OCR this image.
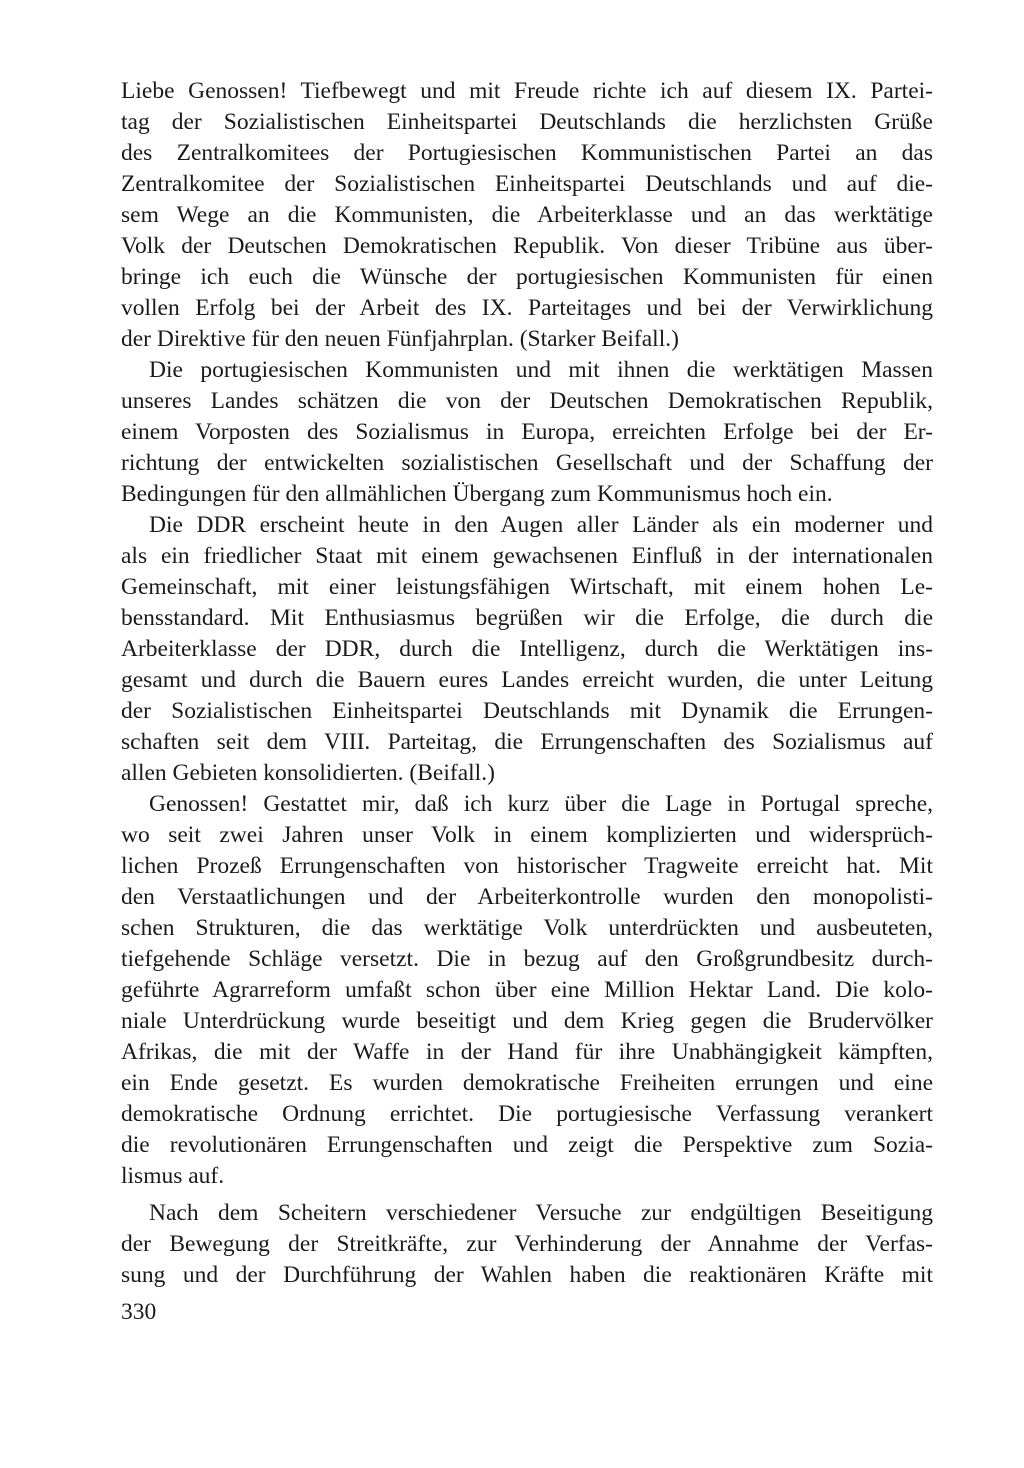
Liebe Genossen! Tiefbewegt und mit Freude richte ich auf diesem IX. Partei-
tag der Sozialistischen Einheitspartei Deutschlands die herzlichsten Grüße
des Zentralkomitees der Portugiesischen Kommunistischen Partei an das
Zentralkomitee der Sozialistischen Einheitspartei Deutschlands und auf die-
sem Wege an die Kommunisten, die Arbeiterklasse und an das werktätige
Volk der Deutschen Demokratischen Republik. Von dieser Tribüne aus über-
bringe ich euch die Wünsche der portugiesischen Kommunisten für einen
vollen Erfolg bei der Arbeit des IX. Parteitages und bei der Verwirklichung
der Direktive für den neuen Fünfjahrplan. (Starker Beifall.)
Die portugiesischen Kommunisten und mit ihnen die werktätigen Massen
unseres Landes schätzen die von der Deutschen Demokratischen Republik,
einem Vorposten des Sozialismus in Europa, erreichten Erfolge bei der Er-
richtung der entwickelten sozialistischen Gesellschaft und der Schaffung der
Bedingungen für den allmählichen Übergang zum Kommunismus hoch ein.
Die DDR erscheint heute in den Augen aller Länder als ein moderner und
als ein friedlicher Staat mit einem gewachsenen Einfluß in der internationalen
Gemeinschaft, mit einer leistungsfähigen Wirtschaft, mit einem hohen Le-
bensstandard. Mit Enthusiasmus begrüßen wir die Erfolge, die durch die
Arbeiterklasse der DDR, durch die Intelligenz, durch die Werktätigen ins-
gesamt und durch die Bauern eures Landes erreicht wurden, die unter Leitung
der Sozialistischen Einheitspartei Deutschlands mit Dynamik die Errungen-
schaften seit dem VIII. Parteitag, die Errungenschaften des Sozialismus auf
allen Gebieten konsolidierten. (Beifall.)
Genossen! Gestattet mir, daß ich kurz über die Lage in Portugal spreche,
wo seit zwei Jahren unser Volk in einem komplizierten und widersprüch-
lichen Prozeß Errungenschaften von historischer Tragweite erreicht hat. Mit
den Verstaatlichungen und der Arbeiterkontrolle wurden den monopolisti-
schen Strukturen, die das werktätige Volk unterdrückten und ausbeuteten,
tiefgehende Schläge versetzt. Die in bezug auf den Großgrundbesitz durch-
geführte Agrarreform umfaßt schon über eine Million Hektar Land. Die kolo-
niale Unterdrückung wurde beseitigt und dem Krieg gegen die Brudervölker
Afrikas, die mit der Waffe in der Hand für ihre Unabhängigkeit kämpften,
ein Ende gesetzt. Es wurden demokratische Freiheiten errungen und eine
demokratische Ordnung errichtet. Die portugiesische Verfassung verankert
die revolutionären Errungenschaften und zeigt die Perspektive zum Sozia-
lismus auf.
Nach dem Scheitern verschiedener Versuche zur endgültigen Beseitigung
der Bewegung der Streitkräfte, zur Verhinderung der Annahme der Verfas-
sung und der Durchführung der Wahlen haben die reaktionären Kräfte mit
330
